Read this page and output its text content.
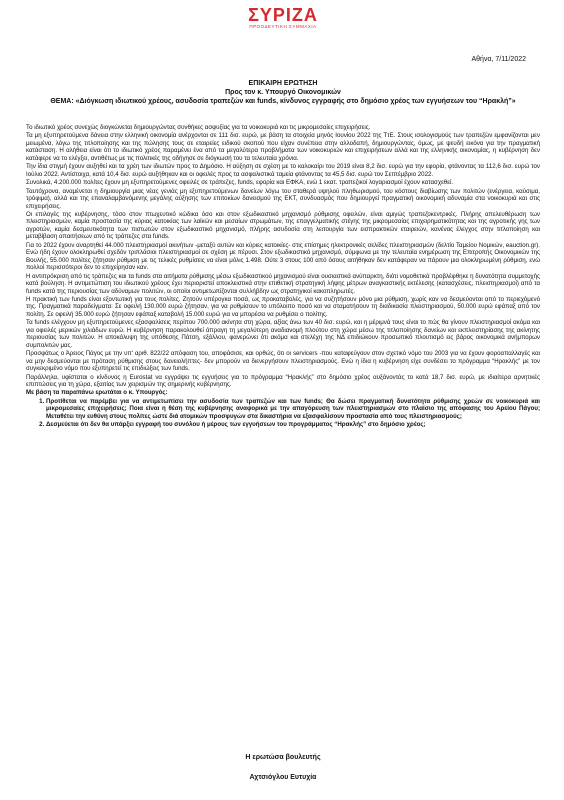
ΣΥΡΙΖΑ
ΠΡΟΟΔΕΥΤΙΚΗ ΣΥΜΜΑΧΙΑ
Αθήνα, 7/11/2022
ΕΠΙΚΑΙΡΗ ΕΡΩΤΗΣΗ
Προς τον κ. Υπουργό Οικονομικών
ΘΕΜΑ: «Διόγκωση ιδιωτικού χρέους, ασυδοσία τραπεζών και funds, κίνδυνος εγγραφής στο δημόσιο χρέος των εγγυήσεων του “Ηρακλή”»

Το ιδιωτικό χρέος συνεχώς διογκώνεται δημιουργώντας συνθήκες ασφυξίας για τα νοικοκυριά και τις μικρομεσαίες επιχειρήσεις.

Τα μη εξυπηρετούμενα δάνεια στην ελληνική οικονομία ανέρχονται σε 111 δισ. ευρώ, με βάση τα στοιχεία μηνός Ιουνίου 2022 της ΤτΕ. Στους ισολογισμούς των τραπεζών εμφανίζονται μεν μειωμένα, λόγω της τιτλοποίησης και της πώλησης τους σε εταιρείες ειδικού σκοπού που είχαν συνέπεια στην αλλοδαπή, δημιουργώντας, όμως, με ψευδή εικόνα για την πραγματική κατάσταση. Η αλήθεια είναι ότι το ιδιωτικό χρέος παραμένει ένα από τα μεγαλύτερα προβλήματα των νοικοκυριών και επιχειρήσεων αλλά και της ελληνικής οικονομίας, η κυβέρνηση δεν κατάφερε να το ελέγξει, αντιθέτως με τις πολιτικές της οδήγησε σε διόγκωσή του τα τελευταία χρόνια.

Την ίδια στιγμή έχουν αυξηθεί και τα χρέη των ιδιωτών προς το Δημόσιο. Η αύξηση σε σχέση με το καλοκαίρι του 2019 είναι 8,2 δισ. ευρώ για την εφορία, φτάνοντας τα 112,6 δισ. ευρώ τον Ιούλιο 2022. Αντίστοιχα, κατά 10,4 δισ. ευρώ αυξήθηκαν και οι οφειλές προς τα ασφαλιστικά ταμεία φτάνοντας τα 45,5 δισ. ευρώ τον Σεπτέμβριο 2022.

Συνολικά, 4.200.000 πολίτες έχουν μη εξυπηρετούμενες οφειλές σε τράπεζες, funds, εφορία και ΕΦΚΑ, ενώ 1 εκατ. τραπεζικοί λογαριασμοί έχουν κατασχεθεί.

Ταυτόχρονα, αναμένεται η δημιουργία μιας νέας γενιάς μη εξυπηρετούμενων δανείων λόγω του σταθερά υψηλού πληθωρισμού, του κόστους διαβίωσης των πολιτών (ενέργεια, καύσιμα, τρόφιμα), αλλά και της επαναλαμβανόμενης μεγάλης αύξησης των επιτοκίων δανεισμού της ΕΚΤ, συνδυασμός που δημιουργεί πραγματική οικονομική αδυναμία στα νοικοκυριά και στις επιχειρήσεις.

Οι επιλογές της κυβέρνησης, τόσο στον πτωχευτικό κώδικα όσο και στον εξωδικαστικό μηχανισμό ρύθμισης οφειλών, είναι αμιγώς τραπεζοκεντρικές. Πλήρης απελευθέρωση των πλειστηριασμών, καμία προστασία της κύριας κατοικίας των λαϊκών και μεσαίων στρωμάτων, της επαγγελματικής στέγης της μικρομεσαίας επιχειρηματικότητας και της αγροτικής γης των αγροτών, καμία δεσμευτικότητα των πιστωτών στον εξωδικαστικό μηχανισμό, πλήρης ασυδοσία στη λειτουργία των εισπρακτικών εταιρειών, κανένας έλεγχος στην τιτλοποίηση και μεταβίβαση απαιτήσεων από τις τράπεζες στα funds.

Για το 2022 έχουν αναρτηθεί 44.000 πλειστηριασμοί ακινήτων -μεταξύ αυτών και κύριες κατοικίες- στις επίσημες ηλεκτρονικές σελίδες πλειστηριασμών (δελτίο Ταμείου Νομικών, eauction.gr). Ενώ ήδη έχουν ολοκληρωθεί σχεδόν τριπλάσιοι πλειστηριασμοί σε σχέση με πέρυσι. Στον εξωδικαστικό μηχανισμό, σύμφωνα με την τελευταία ενημέρωση της Επιτροπής Οικονομικών της Βουλής, 55.000 πολίτες ζήτησαν ρύθμιση με τις τελικές ρυθμίσεις να είναι μόλις 1.498. Ούτε 3 στους 100 από όσους αιτήθηκαν δεν κατάφεραν να πάρουν μια ολοκληρωμένη ρύθμιση, ενώ πολλοί περισσότεροι δεν το επιχείρησαν καν.

Η αντιπρόκριση από τις τράπεζες και τα funds στα αιτήματα ρύθμισης μέσω εξωδικαστικού μηχανισμού είναι ουσιαστικά ανύπαρκτη, διότι νομοθετικά προβλέφθηκε η δυνατότητα συμμετοχής κατά βούληση. Η αντιμετώπιση του ιδιωτικού χρέους έχει περιοριστεί αποκλειστικά στην επιθετική στρατηγική λήψης μέτρων αναγκαστικής εκτέλεσης (κατασχέσεις, πλειστηριασμοί) από τα funds κατά της περιουσίας των αδύναμων πολιτών, οι οποίοι αντιμετωπίζονται συλλήβδην ως στρατηγικοί κακοπληρωτές.

Η πρακτική των funds είναι εξοντωτική για τους πολίτες. Ζητούν υπέρογκα ποσά, ως προκαταβολές, για να συζητήσουν μόνο μια ρύθμιση, χωρίς καν να δεσμεύονται από το περιεχόμενό της. Πραγματικά παραδείγματα: Σε οφειλή 130.000 ευρώ ζήτησαν, για να ρυθμίσουν το υπόλοιπο ποσό και να σταματήσουν τη διαδικασία πλειστηριασμού, 50.000 ευρώ εφάπαξ από τον πολίτη. Σε οφειλή 35.000 ευρώ ζήτησαν εφάπαξ καταβολή 15.000 ευρώ για να μπορέσει να ρυθμίσει ο πολίτης.

Τα funds ελέγχουν μη εξυπηρετούμενες εξασφαλίσεις περίπου 700.000 ακίνητα στη χώρα, αξίας άνω των 40 δισ. ευρώ, και η μέριμνά τους είναι το πώς θα γίνουν πλειστηριασμοί ακόμα και για οφειλές μερικών χιλιάδων ευρώ. Η κυβέρνηση παρακολουθεί άπραγη τη μεγαλύτερη αναδιανομή πλούτου στη χώρα μέσω της τιτλοποίησης δανείων και εκπλειστηρίασης της ακίνητης περιουσίας των πολιτών. Η αποκάλυψη της υπόθεσης Πάτση, εξάλλου, φανερώνει ότι ακόμα και στελέχη της ΝΔ επιδιώκουν προσωπικό πλουτισμό εις βάρος οικονομικά ανήμπορων συμπολιτών μας.

Προσφάτως ο Άρειος Πάγος με την υπ' αριθ. 822/22 απόφαση του, αποφάσισε, και ορθώς, ότι οι servicers -που καταφεύγουν στον σχετικό νόμο του 2003 για να έχουν φοροαπαλλαγές και να μην δεσμεύονται με πρόταση ρύθμισης στους δανειολήπτες- δεν μπορούν να διενεργήσουν πλειστηριασμούς. Ενώ η ίδια η κυβέρνηση είχε συνδέσει το πρόγραμμα “Ηρακλής” με τον συγκεκριμένο νόμο που εξυπηρετεί τις επιδιώξεις των funds.

Παράλληλα, υφίσταται ο κίνδυνος η Eurostat να εγγράψει τις εγγυήσεις για το πρόγραμμα “Ηρακλής” στο δημόσιο χρέος αυξάνοντάς το κατά 18,7 δισ. ευρώ, με ιδιαίτερα αρνητικές επιπτώσεις για τη χώρα, εξαιτίας των χειρισμών της σημερινής κυβέρνησης.

Με βάση τα παραπάνω ερωτάται ο κ. Υπουργός:

1. Προτίθεται να παρέμβει για να αντιμετωπίσει την ασυδοσία των τραπεζών και των funds; Θα δώσει πραγματική δυνατότητα ρύθμισης χρεών σε νοικοκυριά και μικρομεσαίες επιχειρήσεις; Ποια είναι η θέση της κυβέρνησης αναφορικά με την απαγόρευση των πλειστηριασμών στο πλαίσιο της απόφασης του Αρείου Πάγου; Μεταθέτει την ευθύνη στους πολίτες ώστε διά ατομικών προσφυγών στα δικαστήρια να εξασφαλίσουν προστασία από τους πλειστηριασμούς;
2. Δεσμεύεται ότι δεν θα υπάρξει εγγραφή του συνόλου ή μέρους των εγγυήσεων του προγράμματος “Ηρακλής” στο δημόσιο χρέος;
Η ερωτώσα βουλευτής
Αχτσιόγλου Ευτυχία
